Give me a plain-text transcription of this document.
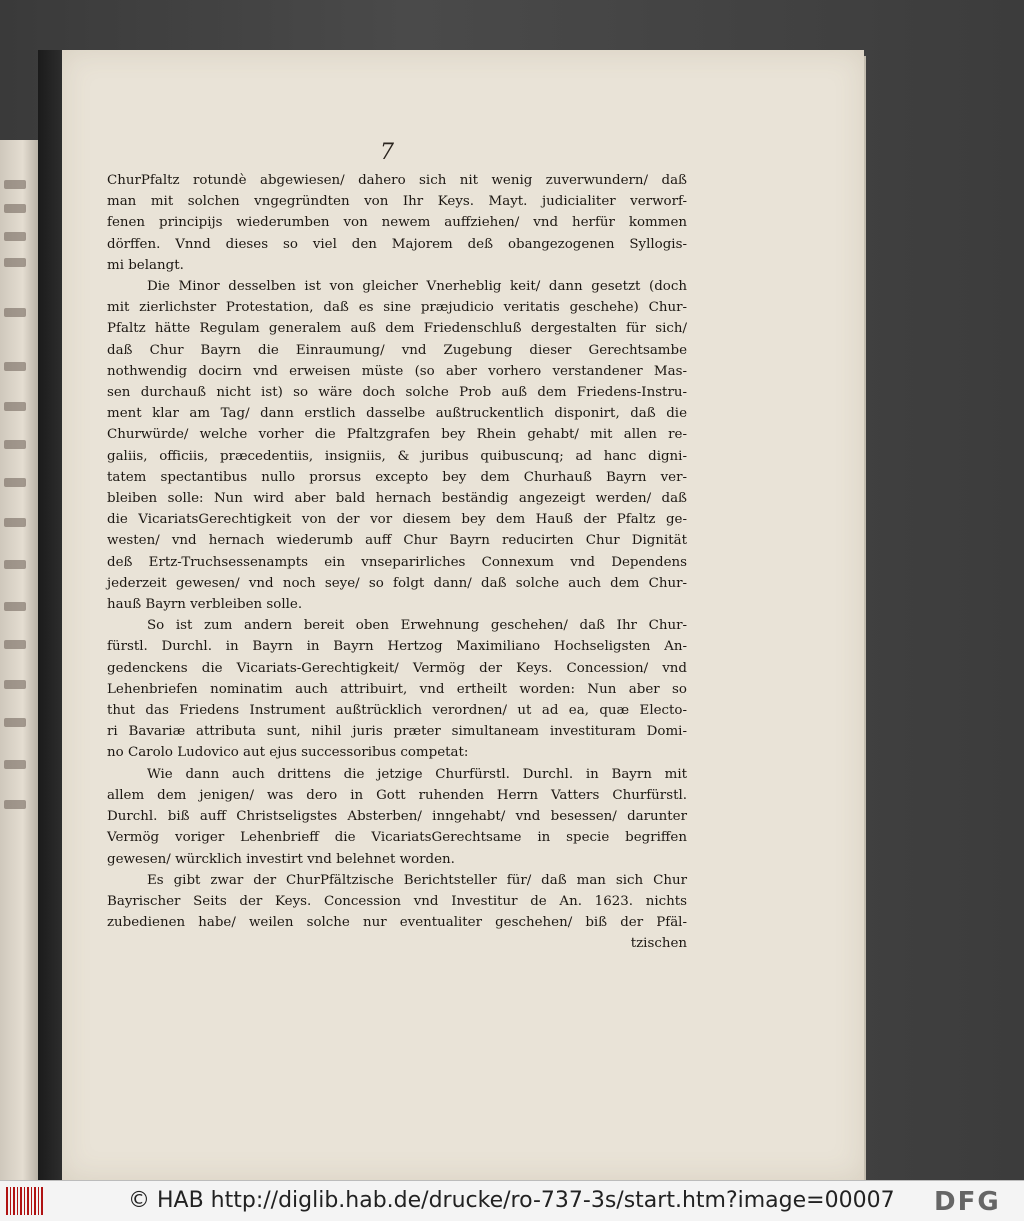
7
ChurPfaltz rotundè abgewiesen/ dahero sich nit wenig zuverwundern/ daß
man mit solchen vngegründten von Ihr Keys. Mayt. judicialiter verworf-
fenen principijs wiederumben von newem auffziehen/ vnd herfür kommen
dörffen. Vnnd dieses so viel den Majorem deß obangezogenen Syllogis-
mi belangt.
Die Minor desselben ist von gleicher Vnerheblig keit/ dann gesetzt (doch
mit zierlichster Protestation, daß es sine præjudicio veritatis geschehe) Chur-
Pfaltz hätte Regulam generalem auß dem Friedenschluß dergestalten für sich/
daß Chur Bayrn die Einraumung/ vnd Zugebung dieser Gerechtsambe
nothwendig docirn vnd erweisen müste (so aber vorhero verstandener Mas-
sen durchauß nicht ist) so wäre doch solche Prob auß dem Friedens-Instru-
ment klar am Tag/ dann erstlich dasselbe außtruckentlich disponirt, daß die
Churwürde/ welche vorher die Pfaltzgrafen bey Rhein gehabt/ mit allen re-
galiis, officiis, præcedentiis, insigniis, & juribus quibuscunq; ad hanc digni-
tatem spectantibus nullo prorsus excepto bey dem Churhauß Bayrn ver-
bleiben solle: Nun wird aber bald hernach beständig angezeigt werden/ daß
die VicariatsGerechtigkeit von der vor diesem bey dem Hauß der Pfaltz ge-
westen/ vnd hernach wiederumb auff Chur Bayrn reducirten Chur Dignität
deß Ertz-Truchsessenampts ein vnseparirliches Connexum vnd Dependens
jederzeit gewesen/ vnd noch seye/ so folgt dann/ daß solche auch dem Chur-
hauß Bayrn verbleiben solle.
So ist zum andern bereit oben Erwehnung geschehen/ daß Ihr Chur-
fürstl. Durchl. in Bayrn in Bayrn Hertzog Maximiliano Hochseligsten An-
gedenckens die Vicariats-Gerechtigkeit/ Vermög der Keys. Concession/ vnd
Lehenbriefen nominatim auch attribuirt, vnd ertheilt worden: Nun aber so
thut das Friedens Instrument außtrücklich verordnen/ ut ad ea, quæ Electo-
ri Bavariæ attributa sunt, nihil juris præter simultaneam investituram Domi-
no Carolo Ludovico aut ejus successoribus competat:
Wie dann auch drittens die jetzige Churfürstl. Durchl. in Bayrn mit
allem dem jenigen/ was dero in Gott ruhenden Herrn Vatters Churfürstl.
Durchl. biß auff Christseligstes Absterben/ inngehabt/ vnd besessen/ darunter
Vermög voriger Lehenbrieff die VicariatsGerechtsame in specie begriffen
gewesen/ würcklich investirt vnd belehnet worden.
Es gibt zwar der ChurPfältzische Berichtsteller für/ daß man sich Chur
Bayrischer Seits der Keys. Concession vnd Investitur de An. 1623. nichts
zubedienen habe/ weilen solche nur eventualiter geschehen/ biß der Pfäl-
tzischen
© HAB http://diglib.hab.de/drucke/ro-737-3s/start.htm?image=00007 DFG
